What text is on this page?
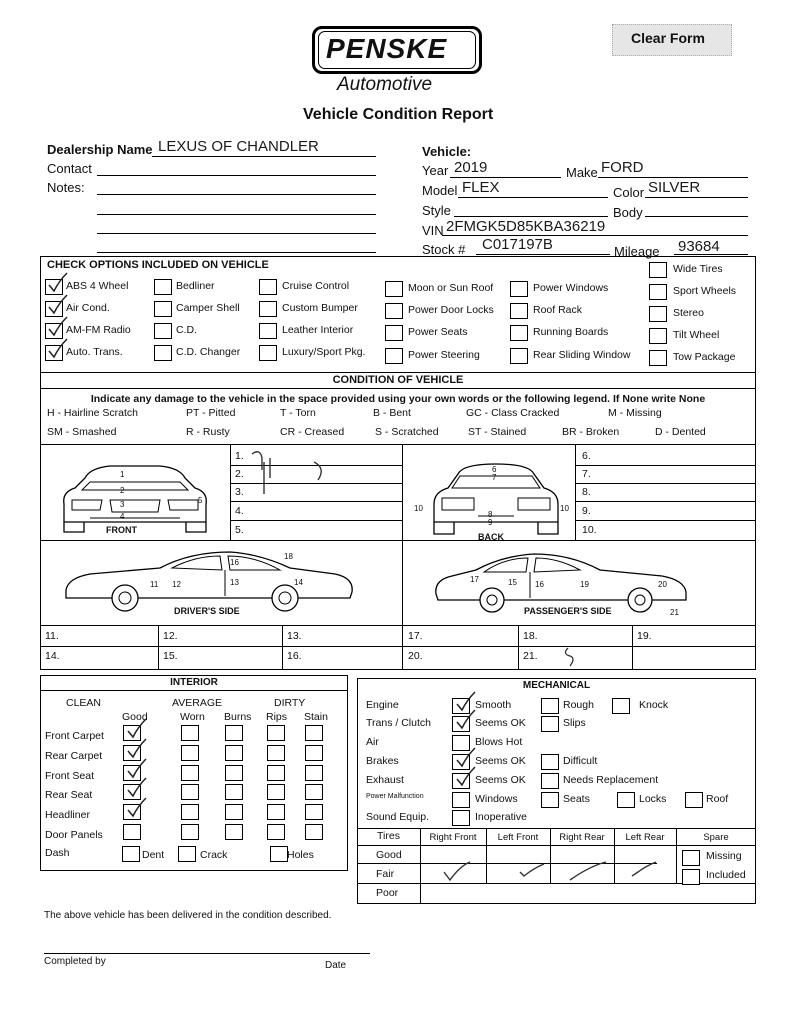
PENSKE
Automotive
Vehicle Condition Report
Clear Form
Dealership Name LEXUS OF CHANDLER
Contact
Notes:
Vehicle:
Year 2019	Make FORD
Model FLEX	Color SILVER
Style	Body
VIN 2FMGK5D85KBA36219
Stock # C017197B	Mileage 93684
CHECK OPTIONS INCLUDED ON VEHICLE
ABS 4 Wheel
Air Cond.
AM-FM Radio
Auto. Trans.
Bedliner
Camper Shell
C.D.
C.D. Changer
Cruise Control
Custom Bumper
Leather Interior
Luxury/Sport Pkg.
Moon or Sun Roof
Power Door Locks
Power Seats
Power Steering
Power Windows
Roof Rack
Running Boards
Rear Sliding Window
Wide Tires
Sport Wheels
Stereo
Tilt Wheel
Tow Package
CONDITION OF VEHICLE
Indicate any damage to the vehicle in the space provided using your own words or the following legend. If None write None
H - Hairline Scratch	PT - Pitted	T - Torn	B - Bent	GC - Class Cracked	M - Missing
SM - Smashed	R - Rusty	CR - Creased	S - Scratched	ST - Stained	BR - Broken	D - Dented
1.
2.
3.
4.
5.
6.
7.
8.
9.
10.
11.	12.	13.	17.	18.	19.
14.	15.	16.	20.	21.
FRONT
BACK
DRIVER'S SIDE	PASSENGER'S SIDE
1
2
3
4
5
6
7
8
9
10	10
11 12	13	14
16
18
15 16
17
19	20
21
INTERIOR
CLEAN	AVERAGE	DIRTY
Good	Worn Burns Rips Stain
Front Carpet
Rear Carpet
Front Seat
Rear Seat
Headliner
Door Panels
Dash	Dent	Crack	Holes
MECHANICAL
Engine	Smooth	Rough	Knock
Trans / Clutch	Seems OK	Slips
Air	Blows Hot
Brakes	Seems OK	Difficult
Exhaust	Seems OK	Needs Replacement
Power Malfunction	Windows	Seats	Locks	Roof
Sound Equip.	Inoperative
Tires	Right Front	Left Front	Right Rear	Left Rear	Spare
Good
Fair
Poor
Missing
Included
The above vehicle has been delivered in the condition described.
Completed by	Date
